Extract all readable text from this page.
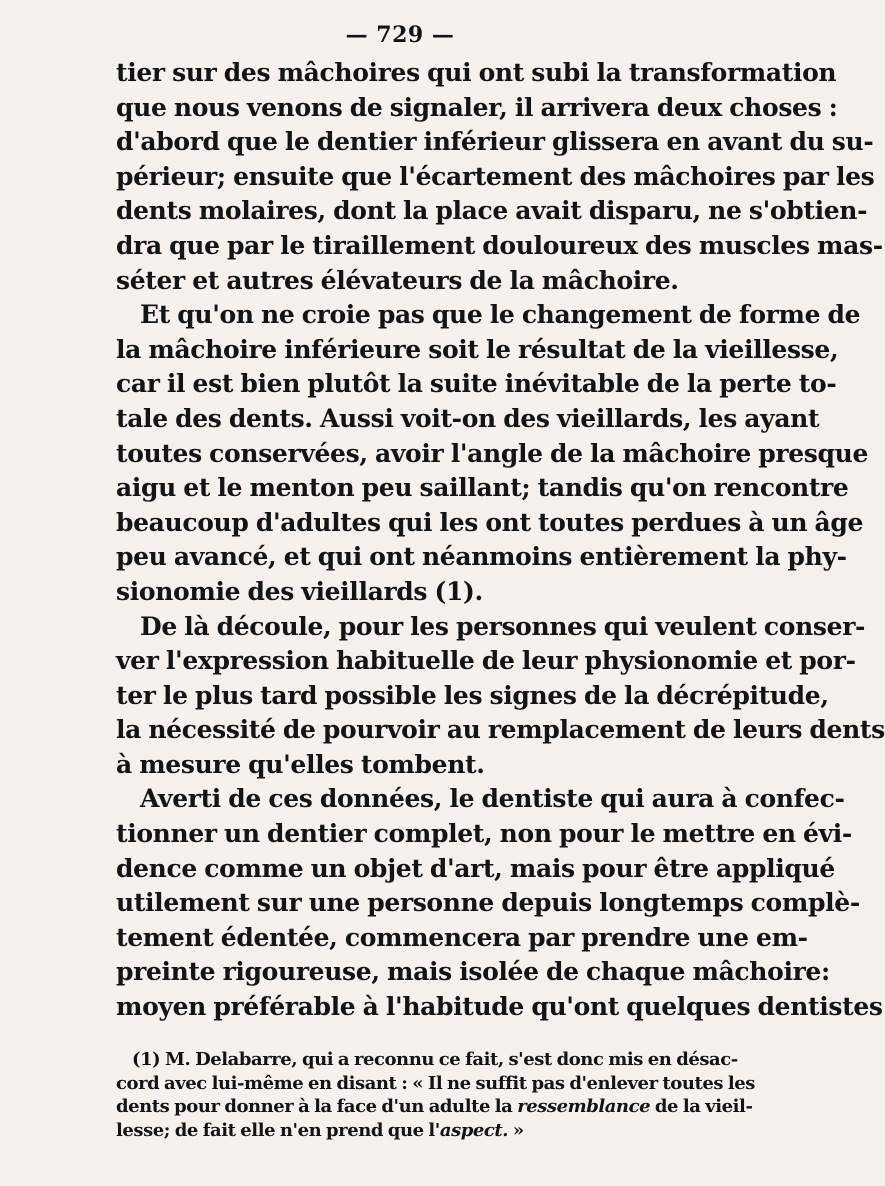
— 729 —
tier sur des mâchoires qui ont subi la transformation
que nous venons de signaler, il arrivera deux choses :
d'abord que le dentier inférieur glissera en avant du su-
périeur; ensuite que l'écartement des mâchoires par les
dents molaires, dont la place avait disparu, ne s'obtien-
dra que par le tiraillement douloureux des muscles mas-
séter et autres élévateurs de la mâchoire.
Et qu'on ne croie pas que le changement de forme de
la mâchoire inférieure soit le résultat de la vieillesse,
car il est bien plutôt la suite inévitable de la perte to-
tale des dents. Aussi voit-on des vieillards, les ayant
toutes conservées, avoir l'angle de la mâchoire presque
aigu et le menton peu saillant; tandis qu'on rencontre
beaucoup d'adultes qui les ont toutes perdues à un âge
peu avancé, et qui ont néanmoins entièrement la phy-
sionomie des vieillards (1).
De là découle, pour les personnes qui veulent conser-
ver l'expression habituelle de leur physionomie et por-
ter le plus tard possible les signes de la décrépitude,
la nécessité de pourvoir au remplacement de leurs dents
à mesure qu'elles tombent.
Averti de ces données, le dentiste qui aura à confec-
tionner un dentier complet, non pour le mettre en évi-
dence comme un objet d'art, mais pour être appliqué
utilement sur une personne depuis longtemps complè-
tement édentée, commencera par prendre une em-
preinte rigoureuse, mais isolée de chaque mâchoire:
moyen préférable à l'habitude qu'ont quelques dentistes
(1) M. Delabarre, qui a reconnu ce fait, s'est donc mis en désac-
cord avec lui-même en disant : « Il ne suffit pas d'enlever toutes les
dents pour donner à la face d'un adulte la ressemblance de la vieil-
lesse; de fait elle n'en prend que l'aspect. »
